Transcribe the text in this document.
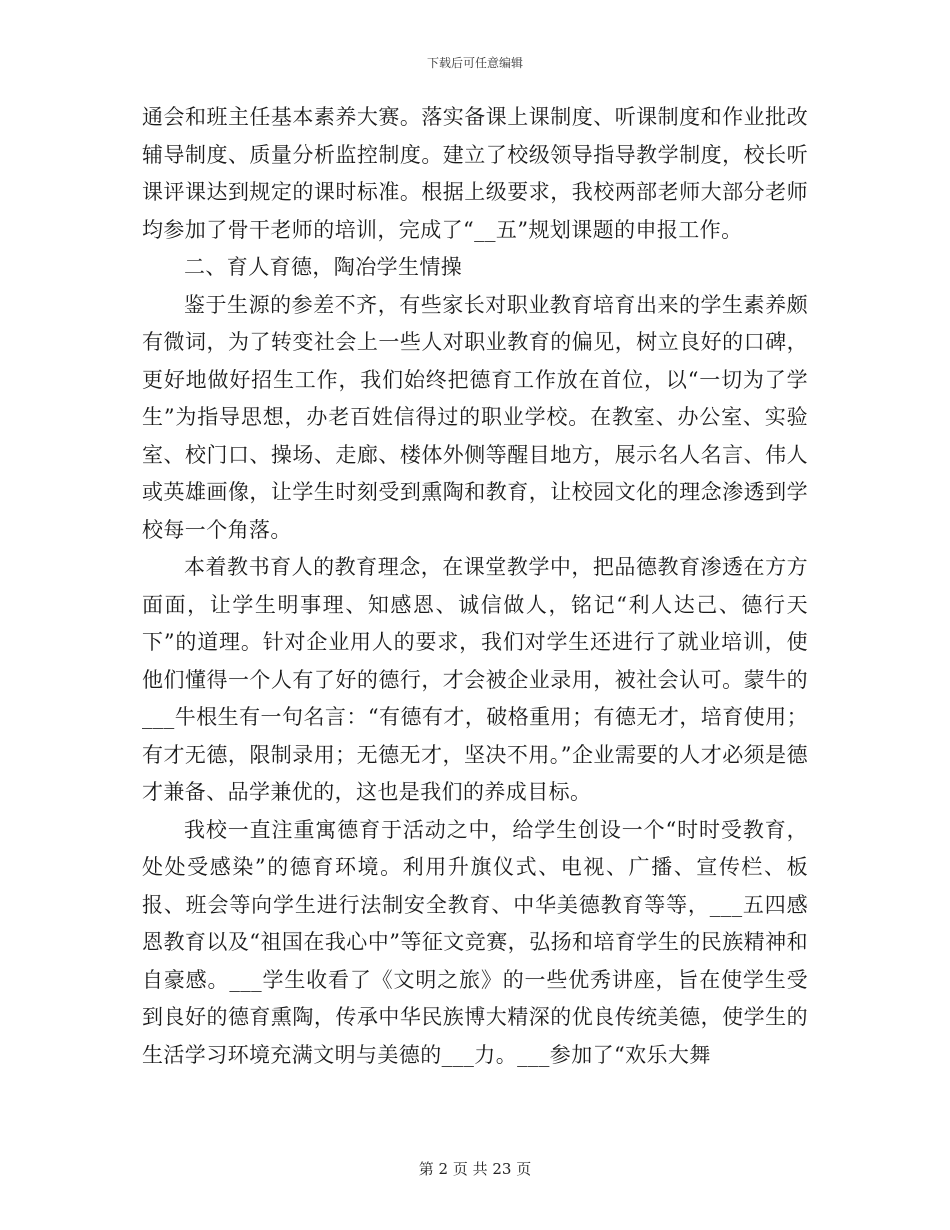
下载后可任意编辑

通会和班主任基本素养大赛。落实备课上课制度、听课制度和作业批改辅导制度、质量分析监控制度。建立了校级领导指导教学制度，校长听课评课达到规定的课时标准。根据上级要求，我校两部老师大部分老师均参加了骨干老师的培训，完成了“__五”规划课题的申报工作。

二、育人育德，陶冶学生情操

鉴于生源的参差不齐，有些家长对职业教育培育出来的学生素养颇有微词，为了转变社会上一些人对职业教育的偏见，树立良好的口碑，更好地做好招生工作，我们始终把德育工作放在首位，以“一切为了学生”为指导思想，办老百姓信得过的职业学校。在教室、办公室、实验室、校门口、操场、走廊、楼体外侧等醒目地方，展示名人名言、伟人或英雄画像，让学生时刻受到熏陶和教育，让校园文化的理念渗透到学校每一个角落。

本着教书育人的教育理念，在课堂教学中，把品德教育渗透在方方面面，让学生明事理、知感恩、诚信做人，铭记“利人达己、德行天下”的道理。针对企业用人的要求，我们对学生还进行了就业培训，使他们懂得一个人有了好的德行，才会被企业录用，被社会认可。蒙牛的___牛根生有一句名言：“有德有才，破格重用；有德无才，培育使用；有才无德，限制录用；无德无才，坚决不用。”企业需要的人才必须是德才兼备、品学兼优的，这也是我们的养成目标。

我校一直注重寓德育于活动之中，给学生创设一个“时时受教育，处处受感染”的德育环境。利用升旗仪式、电视、广播、宣传栏、板报、班会等向学生进行法制安全教育、中华美德教育等等，___五四感恩教育以及“祖国在我心中”等征文竞赛，弘扬和培育学生的民族精神和自豪感。___学生收看了《文明之旅》的一些优秀讲座，旨在使学生受到良好的德育熏陶，传承中华民族博大精深的优良传统美德，使学生的生活学习环境充满文明与美德的___力。___参加了“欢乐大舞

第 2 页 共 23 页
